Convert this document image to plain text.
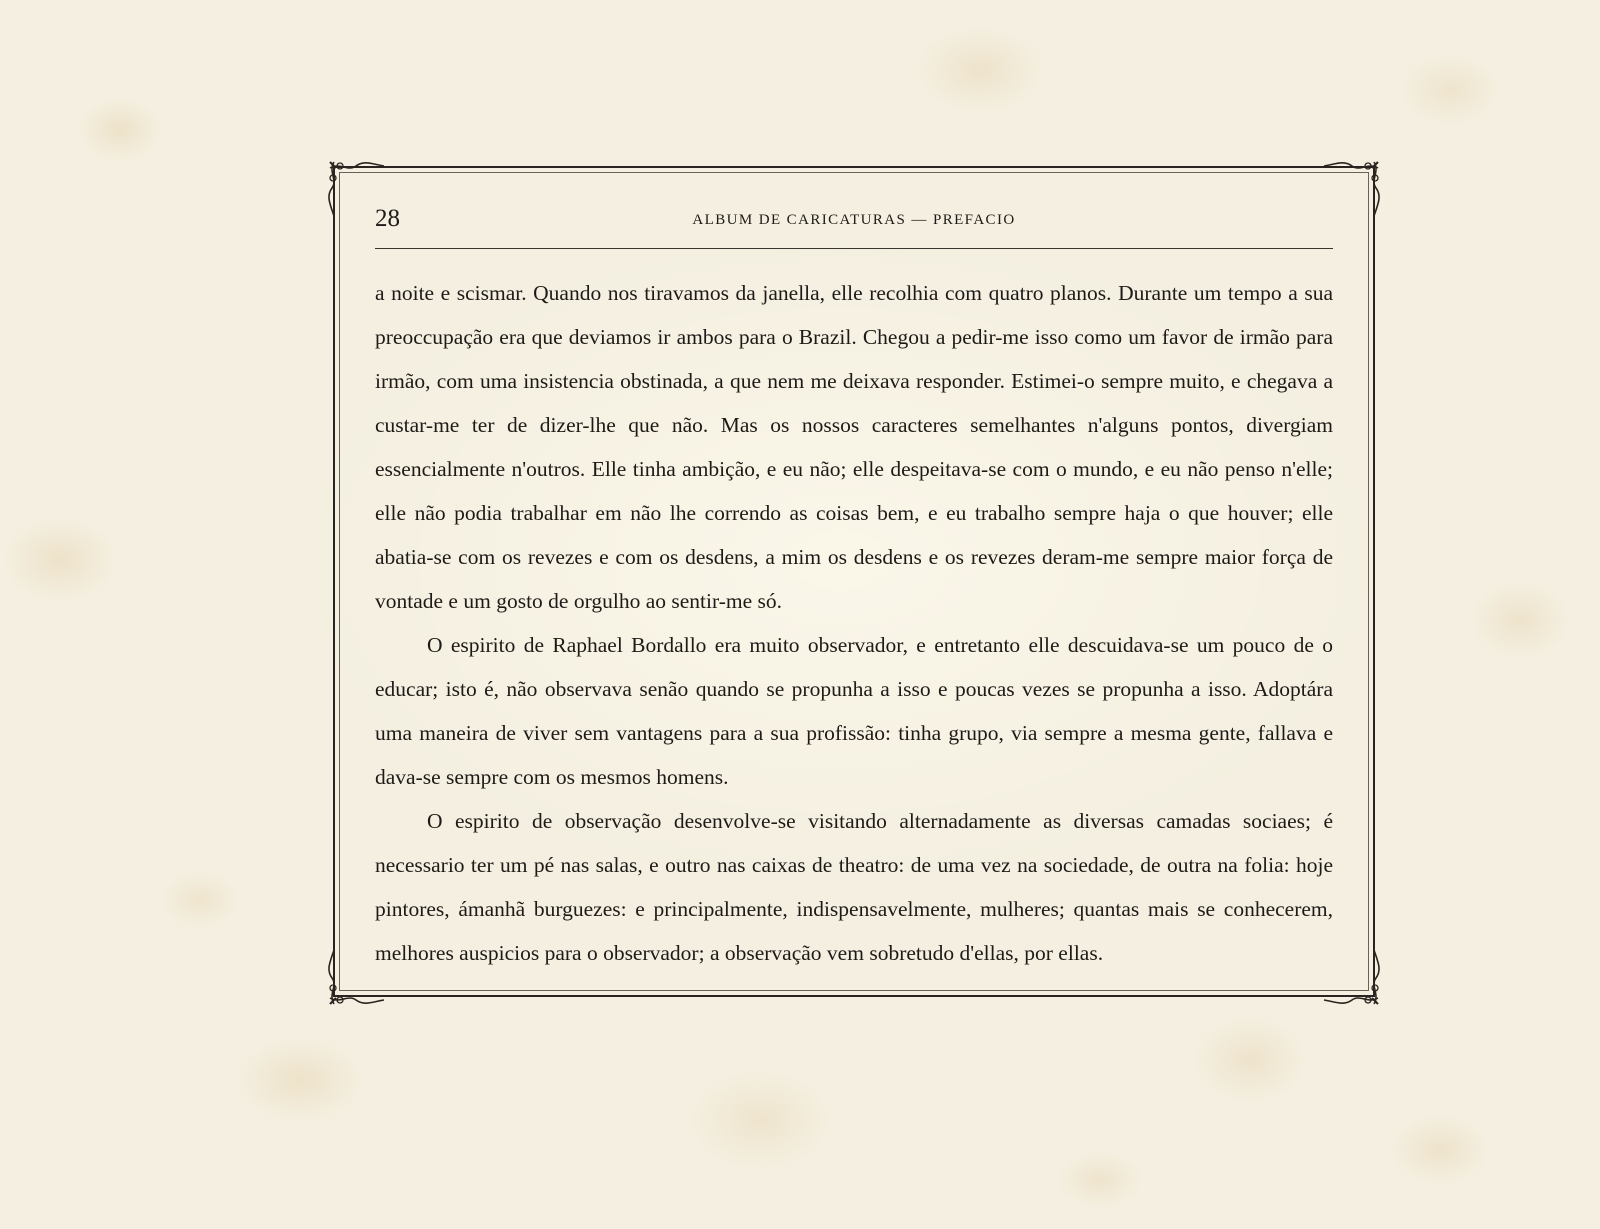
28	ALBUM DE CARICATURAS — PREFACIO

a noite e scismar. Quando nos tiravamos da janella, elle recolhia com quatro planos. Durante um tempo a sua preoccupação era que deviamos ir ambos para o Brazil. Chegou a pedir-me isso como um favor de irmão para irmão, com uma insistencia obstinada, a que nem me deixava responder. Estimei-o sempre muito, e chegava a custar-me ter de dizer-lhe que não. Mas os nossos caracteres semelhantes n'alguns pontos, divergiam essencialmente n'outros. Elle tinha ambição, e eu não; elle despeitava-se com o mundo, e eu não penso n'elle; elle não podia trabalhar em não lhe correndo as coisas bem, e eu trabalho sempre haja o que houver; elle abatia-se com os revezes e com os desdens, a mim os desdens e os revezes deram-me sempre maior força de vontade e um gosto de orgulho ao sentir-me só.

O espirito de Raphael Bordallo era muito observador, e entretanto elle descuidava-se um pouco de o educar; isto é, não observava senão quando se propunha a isso e poucas vezes se propunha a isso. Adoptára uma maneira de viver sem vantagens para a sua profissão: tinha grupo, via sempre a mesma gente, fallava e dava-se sempre com os mesmos homens.

O espirito de observação desenvolve-se visitando alternadamente as diversas camadas sociaes; é necessario ter um pé nas salas, e outro nas caixas de theatro: de uma vez na sociedade, de outra na folia: hoje pintores, ámanhã burguezes: e principalmente, indispensavelmente, mulheres; quantas mais se conhecerem, melhores auspicios para o observador; a observação vem sobretudo d'ellas, por ellas.
